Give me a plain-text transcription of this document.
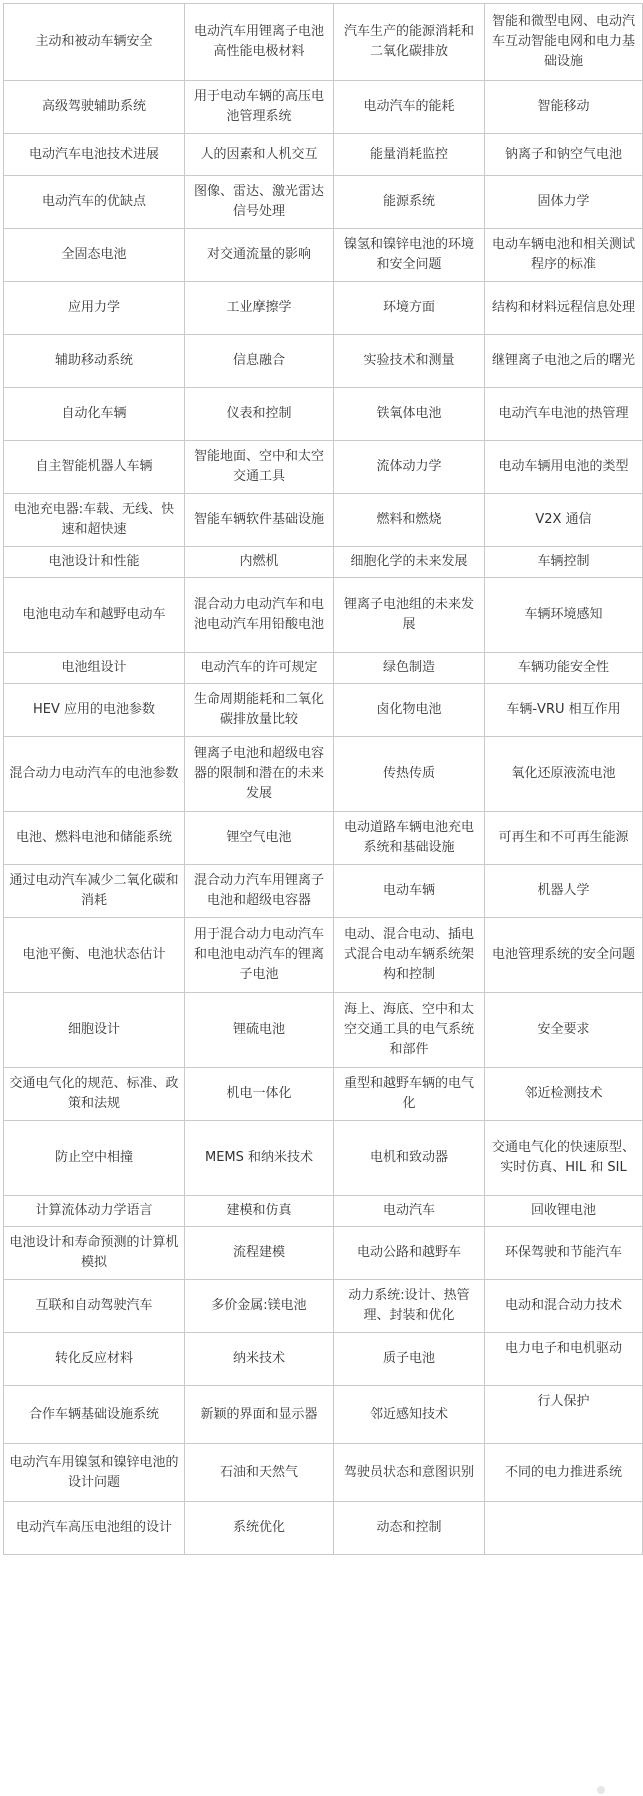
主动和被动车辆安全	电动汽车用锂离子电池高性能电极材料	汽车生产的能源消耗和二氧化碳排放	智能和微型电网、电动汽车互动智能电网和电力基础设施

高级驾驶辅助系统	用于电动车辆的高压电池管理系统	电动汽车的能耗	智能移动

电动汽车电池技术进展	人的因素和人机交互	能量消耗监控	钠离子和钠空气电池

电动汽车的优缺点	图像、雷达、激光雷达信号处理	能源系统	固体力学

全固态电池	对交通流量的影响	镍氢和镍锌电池的环境和安全问题	电动车辆电池和相关测试程序的标准

应用力学	工业摩擦学	环境方面	结构和材料远程信息处理

辅助移动系统	信息融合	实验技术和测量	继锂离子电池之后的曙光

自动化车辆	仪表和控制	铁氧体电池	电动汽车电池的热管理

自主智能机器人车辆	智能地面、空中和太空交通工具	流体动力学	电动车辆用电池的类型

电池充电器:车载、无线、快速和超快速	智能车辆软件基础设施	燃料和燃烧	V2X 通信

电池设计和性能	内燃机	细胞化学的未来发展	车辆控制

电池电动车和越野电动车	混合动力电动汽车和电池电动汽车用铅酸电池	锂离子电池组的未来发展	车辆环境感知

电池组设计	电动汽车的许可规定	绿色制造	车辆功能安全性

HEV 应用的电池参数	生命周期能耗和二氧化碳排放量比较	卤化物电池	车辆-VRU 相互作用

混合动力电动汽车的电池参数	锂离子电池和超级电容器的限制和潜在的未来发展	传热传质	氧化还原液流电池

电池、燃料电池和储能系统	锂空气电池	电动道路车辆电池充电系统和基础设施	可再生和不可再生能源

通过电动汽车减少二氧化碳和消耗	混合动力汽车用锂离子电池和超级电容器	电动车辆	机器人学

电池平衡、电池状态估计	用于混合动力电动汽车和电池电动汽车的锂离子电池	电动、混合电动、插电式混合电动车辆系统架构和控制	电池管理系统的安全问题

细胞设计	锂硫电池	海上、海底、空中和太空交通工具的电气系统和部件	安全要求

交通电气化的规范、标准、政策和法规	机电一体化	重型和越野车辆的电气化	邻近检测技术

防止空中相撞	MEMS 和纳米技术	电机和致动器	交通电气化的快速原型、实时仿真、HIL 和 SIL

计算流体动力学语言	建模和仿真	电动汽车	回收锂电池

电池设计和寿命预测的计算机模拟	流程建模	电动公路和越野车	环保驾驶和节能汽车

互联和自动驾驶汽车	多价金属:镁电池	动力系统:设计、热管理、封装和优化	电动和混合动力技术

转化反应材料	纳米技术	质子电池	电力电子和电机驱动

合作车辆基础设施系统	新颖的界面和显示器	邻近感知技术	行人保护

电动汽车用镍氢和镍锌电池的设计问题	石油和天然气	驾驶员状态和意图识别	不同的电力推进系统

电动汽车高压电池组的设计	系统优化	动态和控制	
